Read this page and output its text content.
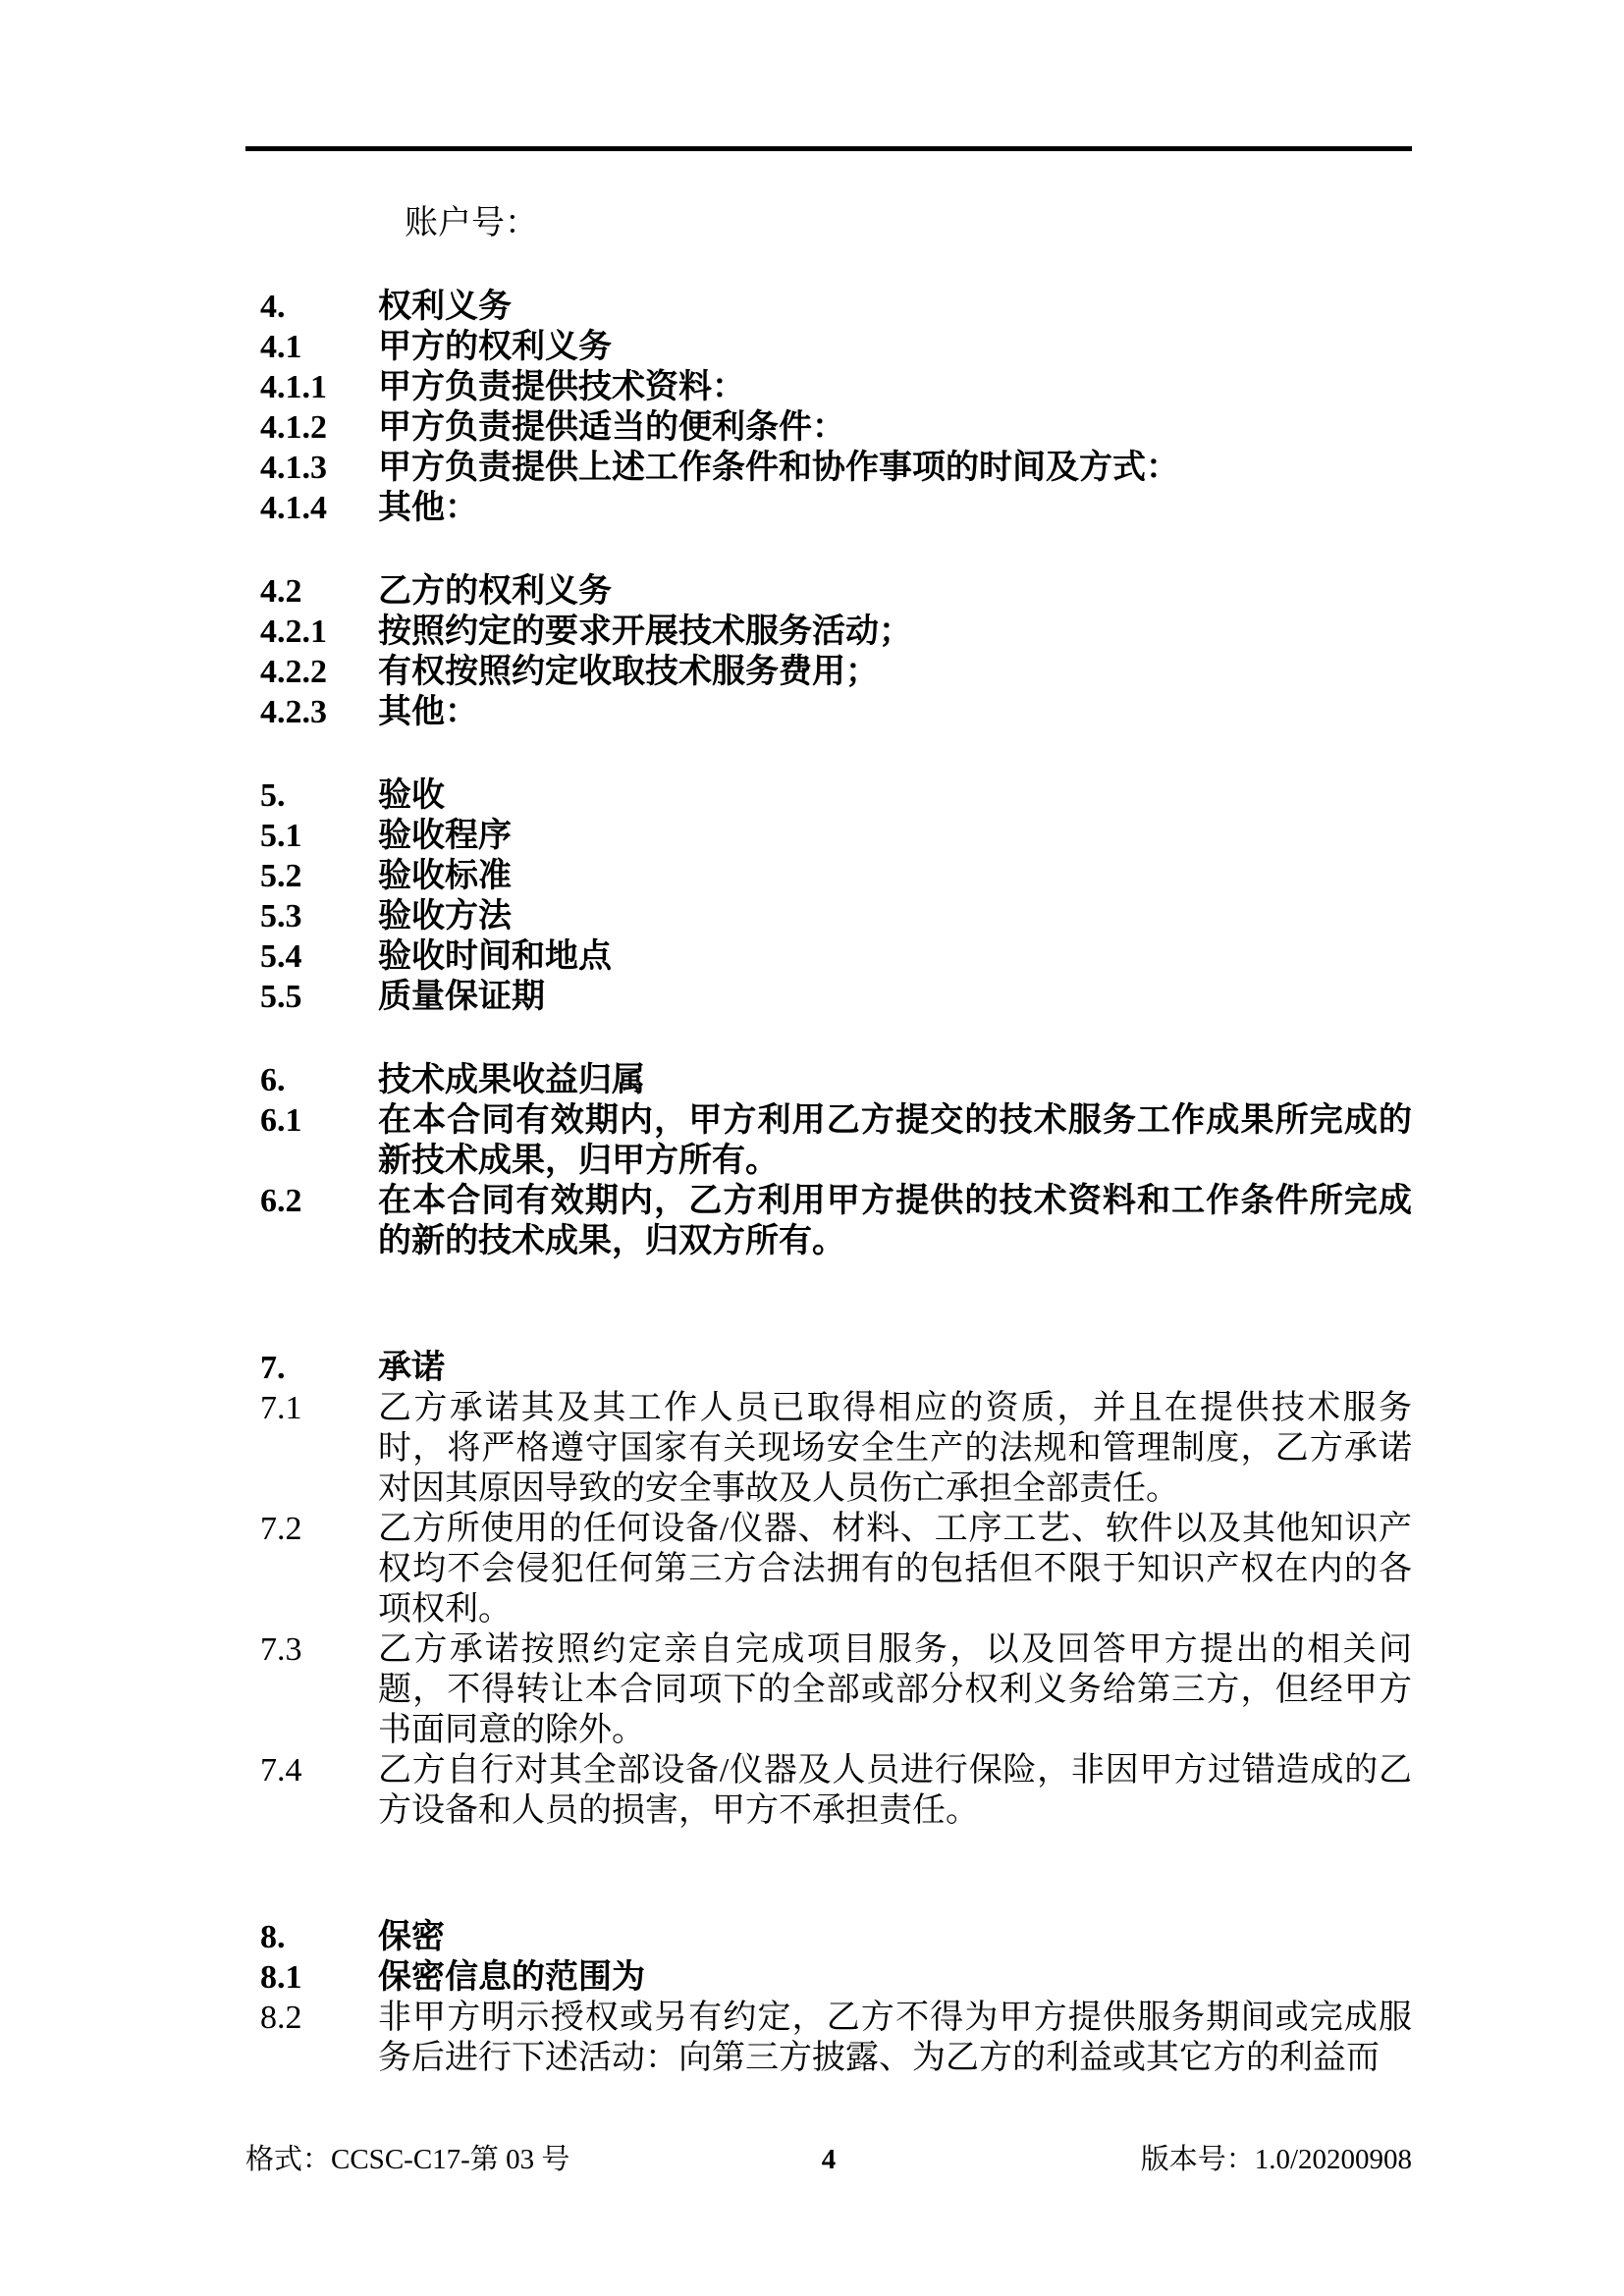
账户号：
4.	权利义务
4.1	甲方的权利义务
4.1.1	甲方负责提供技术资料：
4.1.2	甲方负责提供适当的便利条件：
4.1.3	甲方负责提供上述工作条件和协作事项的时间及方式：
4.1.4	其他：
4.2	乙方的权利义务
4.2.1	按照约定的要求开展技术服务活动；
4.2.2	有权按照约定收取技术服务费用；
4.2.3	其他：
5.	验收
5.1	验收程序
5.2	验收标准
5.3	验收方法
5.4	验收时间和地点
5.5	质量保证期
6.	技术成果收益归属
6.1	在本合同有效期内，甲方利用乙方提交的技术服务工作成果所完成的新技术成果，归甲方所有。
6.2	在本合同有效期内，乙方利用甲方提供的技术资料和工作条件所完成的新的技术成果，归双方所有。
7.	承诺
7.1	乙方承诺其及其工作人员已取得相应的资质，并且在提供技术服务时，将严格遵守国家有关现场安全生产的法规和管理制度，乙方承诺对因其原因导致的安全事故及人员伤亡承担全部责任。
7.2	乙方所使用的任何设备/仪器、材料、工序工艺、软件以及其他知识产权均不会侵犯任何第三方合法拥有的包括但不限于知识产权在内的各项权利。
7.3	乙方承诺按照约定亲自完成项目服务，以及回答甲方提出的相关问题，不得转让本合同项下的全部或部分权利义务给第三方，但经甲方书面同意的除外。
7.4	乙方自行对其全部设备/仪器及人员进行保险，非因甲方过错造成的乙方设备和人员的损害，甲方不承担责任。
8.	保密
8.1	保密信息的范围为
8.2	非甲方明示授权或另有约定，乙方不得为甲方提供服务期间或完成服务后进行下述活动：向第三方披露、为乙方的利益或其它方的利益而
4
格式：CCSC-C17-第 03 号	版本号：1.0/20200908
